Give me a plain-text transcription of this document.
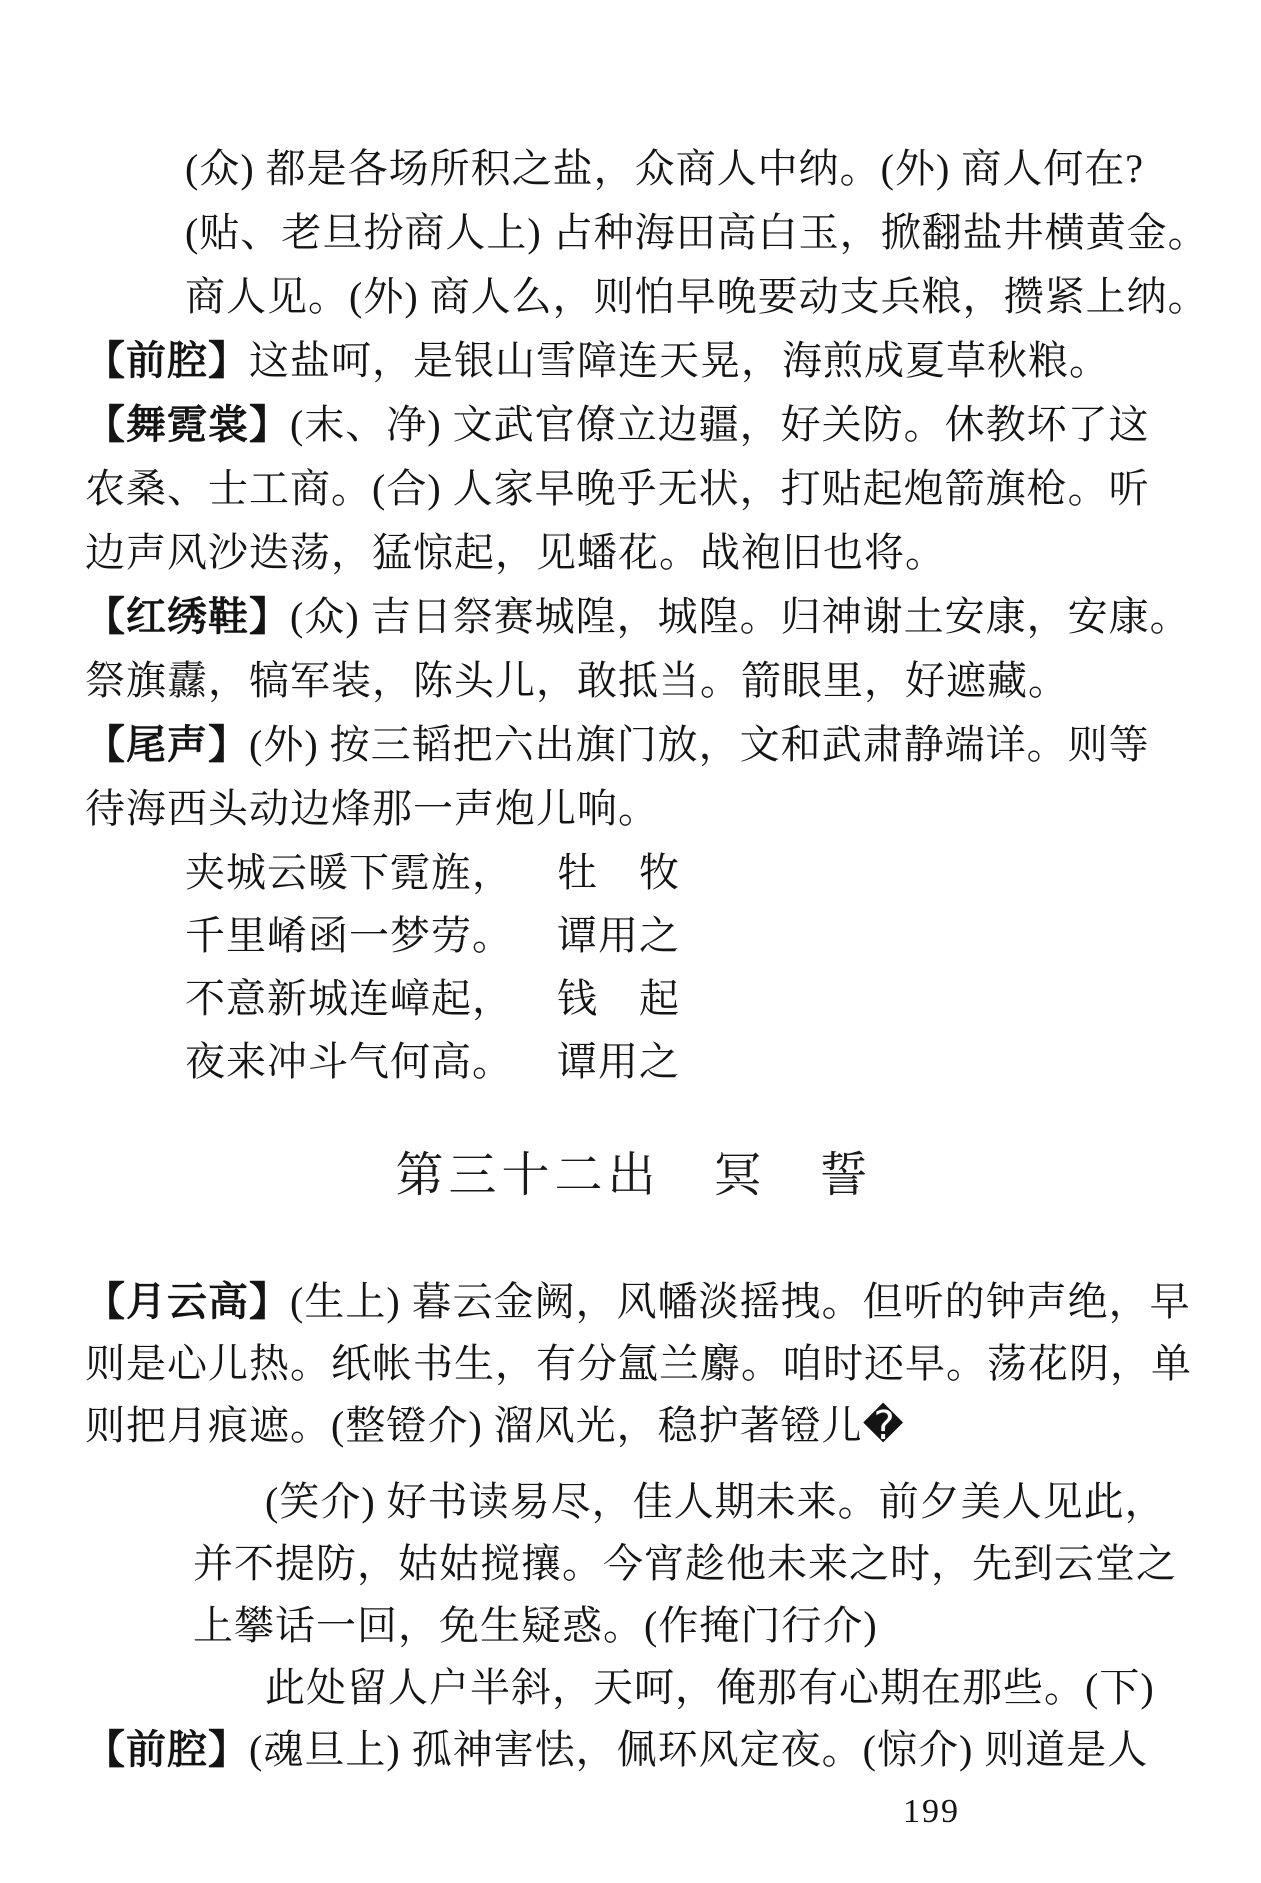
(众) 都是各场所积之盐，众商人中纳。(外) 商人何在?
(贴、老旦扮商人上) 占种海田高白玉，掀翻盐井横黄金。
商人见。(外) 商人么，则怕早晚要动支兵粮，攒紧上纳。
【前腔】这盐呵，是银山雪障连天晃，海煎成夏草秋粮。
【舞霓裳】(末、净) 文武官僚立边疆，好关防。休教坏了这
农桑、士工商。(合) 人家早晚乎无状，打贴起炮箭旗枪。听
边声风沙迭荡，猛惊起，见蟠花。战袍旧也将。
【红绣鞋】(众) 吉日祭赛城隍，城隍。归神谢土安康，安康。
祭旗纛，犒军装，陈头儿，敢抵当。箭眼里，好遮藏。
【尾声】(外) 按三韬把六出旗门放，文和武肃静端详。则等
待海西头动边烽那一声炮儿响。
夹城云暖下霓旌， 牡　牧
千里崤函一梦劳。 谭用之
不意新城连嶂起， 钱　起
夜来冲斗气何高。 谭用之
第三十二出　冥　誓
【月云高】(生上) 暮云金阙，风幡淡摇拽。但听的钟声绝，早
则是心儿热。纸帐书生，有分氲兰麝。咱时还早。荡花阴，单
则把月痕遮。(整镫介) 溜风光，稳护著镫儿�
(笑介) 好书读易尽，佳人期未来。前夕美人见此，
并不提防，姑姑搅攘。今宵趁他未来之时，先到云堂之
上攀话一回，免生疑惑。(作掩门行介)
此处留人户半斜，天呵，俺那有心期在那些。(下)
【前腔】(魂旦上) 孤神害怯，佩环风定夜。(惊介) 则道是人
199
